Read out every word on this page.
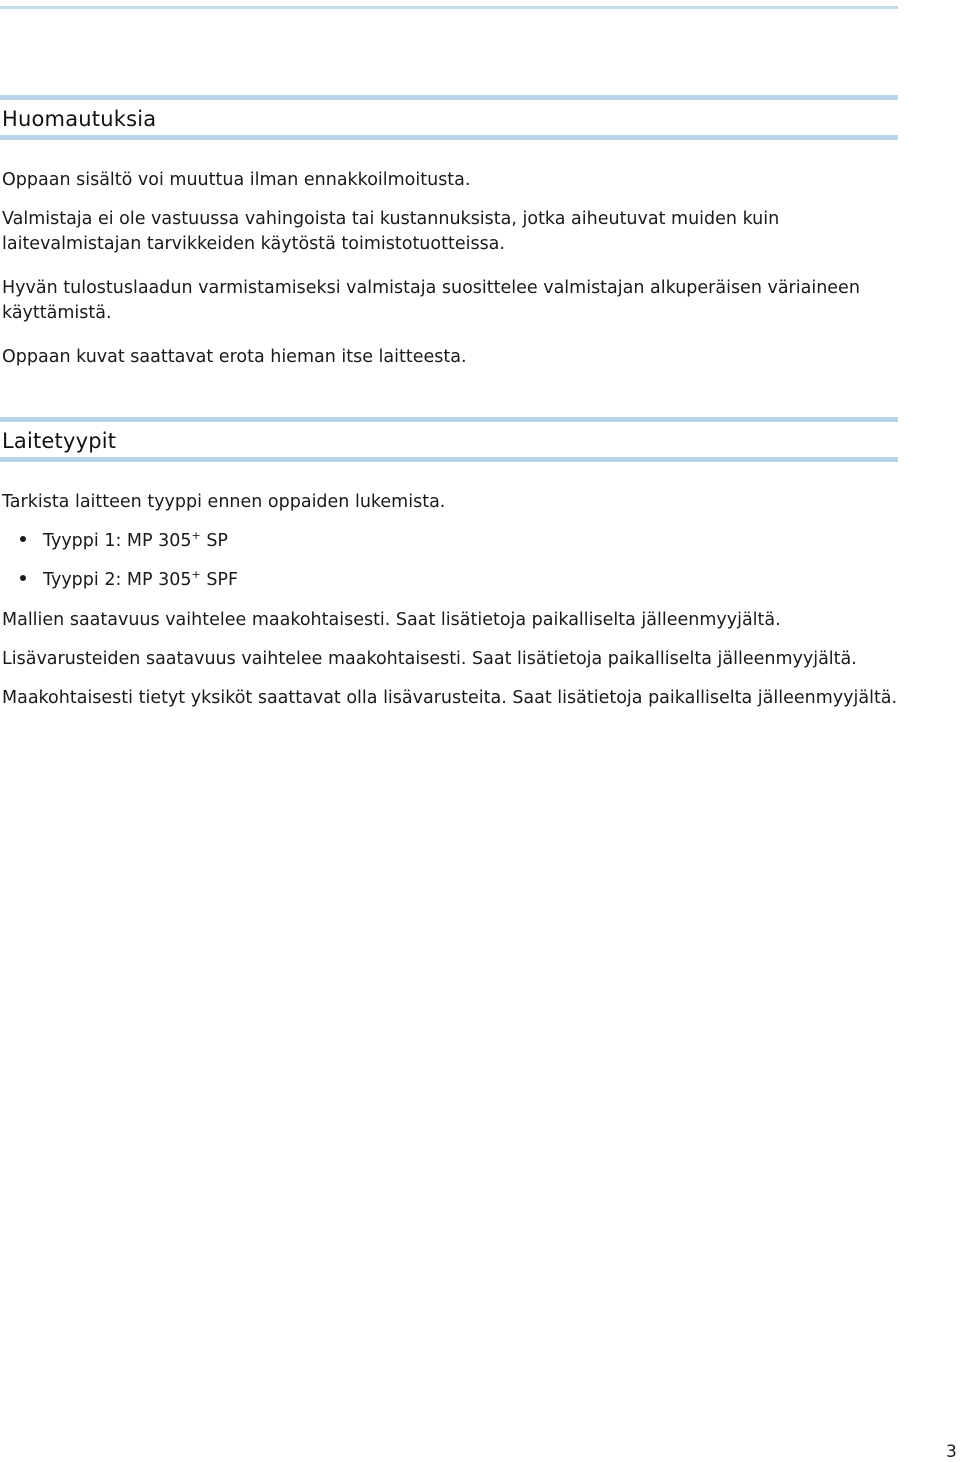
Huomautuksia

Oppaan sisältö voi muuttua ilman ennakkoilmoitusta.

Valmistaja ei ole vastuussa vahingoista tai kustannuksista, jotka aiheutuvat muiden kuin laitevalmistajan tarvikkeiden käytöstä toimistotuotteissa.

Hyvän tulostuslaadun varmistamiseksi valmistaja suosittelee valmistajan alkuperäisen väriaineen käyttämistä.

Oppaan kuvat saattavat erota hieman itse laitteesta.

Laitetyypit

Tarkista laitteen tyyppi ennen oppaiden lukemista.

Tyyppi 1: MP 305+ SP

Tyyppi 2: MP 305+ SPF

Mallien saatavuus vaihtelee maakohtaisesti. Saat lisätietoja paikalliselta jälleenmyyjältä.

Lisävarusteiden saatavuus vaihtelee maakohtaisesti. Saat lisätietoja paikalliselta jälleenmyyjältä.

Maakohtaisesti tietyt yksiköt saattavat olla lisävarusteita. Saat lisätietoja paikalliselta jälleenmyyjältä.

3
